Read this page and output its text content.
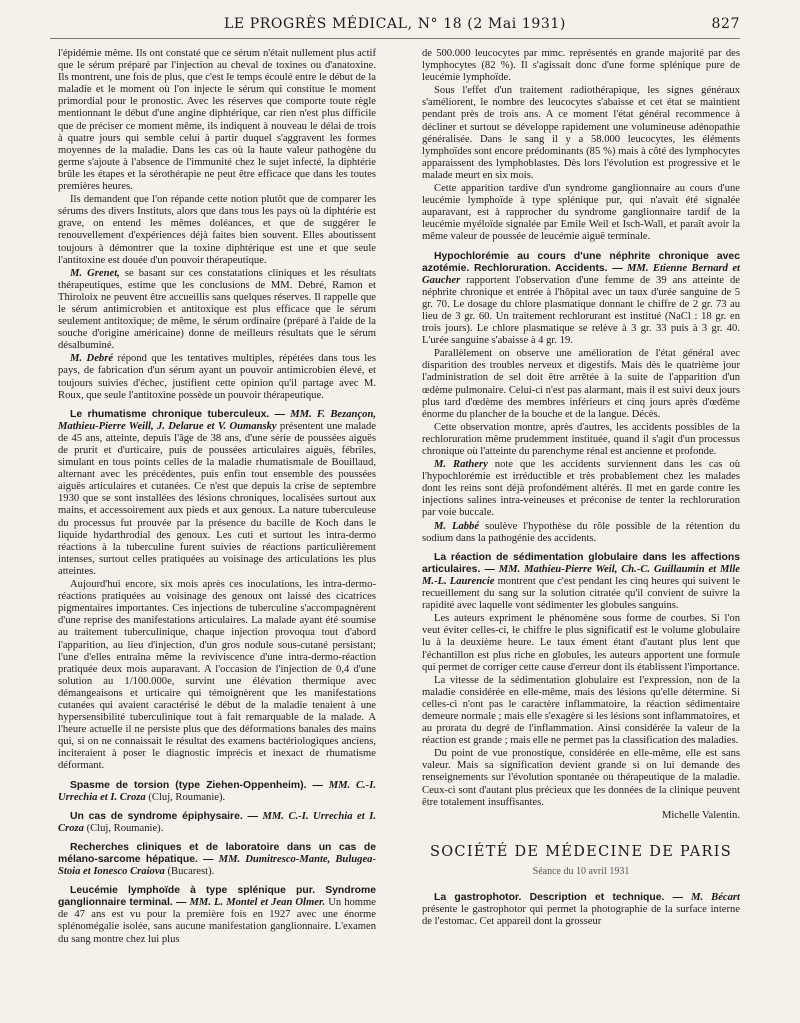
LE PROGRÈS MÉDICAL, N° 18 (2 Mai 1931)	827

l'épidémie même. Ils ont constaté que ce sérum n'était nullement plus actif que le sérum préparé par l'injection au cheval de toxines ou d'anatoxine. Ils montrent, une fois de plus, que c'est le temps écoulé entre le début de la maladie et le moment où l'on injecte le sérum qui constitue le moment primordial pour le pronostic. Avec les réserves que comporte toute règle mentionnant le début d'une angine diphtérique, car rien n'est plus difficile que de préciser ce moment même, ils indiquent à nouveau le délai de trois à quatre jours qui semble celui à partir duquel s'aggravent les formes moyennes de la maladie. Dans les cas où la haute valeur pathogène du germe s'ajoute à l'absence de l'immunité chez le sujet infecté, la diphtérie brûle les étapes et la sérothérapie ne peut être efficace que dans les toutes premières heures.

Ils demandent que l'on répande cette notion plutôt que de comparer les sérums des divers Instituts, alors que dans tous les pays où la diphtérie est grave, on entend les mêmes doléances, et que de suggérer le renouvellement d'expériences déjà faites bien souvent. Elles aboutissent toujours à démontrer que la toxine diphtérique est une et que seule l'antitoxine est douée d'un pouvoir thérapeutique.

M. Grenet, se basant sur ces constatations cliniques et les résultats thérapeutiques, estime que les conclusions de MM. Debré, Ramon et Thiroloix ne peuvent être accueillis sans quelques réserves. Il rappelle que le sérum antimicrobien et antitoxique est plus efficace que le sérum seulement antitoxique; de même, le sérum ordinaire (préparé à l'aide de la souche d'origine américaine) donne de meilleurs résultats que le sérum désalbuminé.

M. Debré répond que les tentatives multiples, répétées dans tous les pays, de fabrication d'un sérum ayant un pouvoir antimicrobien élevé, et toujours suivies d'échec, justifient cette opinion qu'il partage avec M. Roux, que seule l'antitoxine possède un pouvoir thérapeutique.

Le rhumatisme chronique tuberculeux. — MM. F. Bezançon, Mathieu-Pierre Weill, J. Delarue et V. Oumansky présentent une malade de 45 ans, atteinte, depuis l'âge de 38 ans, d'une série de poussées aiguës de prurit et d'urticaire, puis de poussées articulaires aiguës, fébriles, simulant en tous points celles de la maladie rhumatismale de Bouillaud, alternant avec les précédentes, puis enfin tout ensemble des poussées aiguës articulaires et cutanées. Ce n'est que depuis la crise de septembre 1930 que se sont installées des lésions chroniques, localisées surtout aux mains, et accessoirement aux pieds et aux genoux. La nature tuberculeuse du processus fut prouvée par la présence du bacille de Koch dans le liquide hydarthrodial des genoux. Les cuti et surtout les intra-dermo réactions à la tuberculine furent suivies de réactions particulièrement intenses, surtout celles pratiquées au voisinage des articulations les plus atteintes.

Aujourd'hui encore, six mois après ces inoculations, les intra-dermo-réactions pratiquées au voisinage des genoux ont laissé des cicatrices pigmentaires importantes. Ces injections de tuberculine s'accompagnèrent d'une reprise des manifestations articulaires. La malade ayant été soumise au traitement tuberculinique, chaque injection provoqua tout d'abord l'apparition, au lieu d'injection, d'un gros nodule sous-cutané persistant; l'une d'elles entraîna même la reviviscence d'une intra-dermo-réaction pratiquée deux mois auparavant. A l'occasion de l'injection de 0,4 d'une solution au 1/100.000e, survint une élévation thermique avec démangeaisons et urticaire qui témoignèrent que les manifestations cutanées qui avaient caractérisé le début de la maladie tenaient à une hypersensibilité tuberculinique tout à fait remarquable de la malade. A l'heure actuelle il ne persiste plus que des déformations banales des mains qui, si on ne connaissait le résultat des examens bactériologiques anciens, inciteraient à poser le diagnostic imprécis et inexact de rhumatisme déformant.

Spasme de torsion (type Ziehen-Oppenheim). — MM. C.-I. Urrechia et I. Croza (Cluj, Roumanie).

Un cas de syndrome épiphysaire. — MM. C.-I. Urrechia et I. Croza (Cluj, Roumanie).

Recherches cliniques et de laboratoire dans un cas de mélano-sarcome hépatique. — MM. Dumitresco-Mante, Bulugea-Stoia et Ionesco Craiova (Bucarest).

Leucémie lymphoïde à type splénique pur. Syndrome ganglionnaire terminal. — MM. L. Montel et Jean Olmer. Un homme de 47 ans est vu pour la première fois en 1927 avec une énorme splénomégalie isolée, sans aucune manifestation ganglionnaire. L'examen du sang montre chez lui plus

de 500.000 leucocytes par mmc. représentés en grande majorité par des lymphocytes (82 %). Il s'agissait donc d'une forme splénique pure de leucémie lymphoïde.

Sous l'effet d'un traitement radiothérapique, les signes généraux s'améliorent, le nombre des leucocytes s'abaisse et cet état se maintient pendant près de trois ans. A ce moment l'état général recommence à décliner et surtout se développe rapidement une volumineuse adénopathie généralisée. Dans le sang il y a 58.000 leucocytes, les éléments lymphoïdes sont encore prédominants (85 %) mais à côté des lymphocytes apparaissent des lymphoblastes. Dès lors l'évolution est progressive et le malade meurt en six mois.

Cette apparition tardive d'un syndrome ganglionnaire au cours d'une leucémie lymphoïde à type splénique pur, qui n'avait été signalée auparavant, est à rapprocher du syndrome ganglionnaire tardif de la leucémie myéloïde signalée par Emile Weil et Isch-Wall, et paraît avoir la même valeur de poussée de leucémie aiguë terminale.

Hypochlorémie au cours d'une néphrite chronique avec azotémie. Rechloruration. Accidents. — MM. Etienne Bernard et Gaucher rapportent l'observation d'une femme de 39 ans atteinte de néphrite chronique et entrée à l'hôpital avec un taux d'urée sanguine de 5 gr. 70. Le dosage du chlore plasmatique donnant le chiffre de 2 gr. 73 au lieu de 3 gr. 60. Un traitement rechlorurant est institué (NaCl : 18 gr. en trois jours). Le chlore plasmatique se relève à 3 gr. 33 puis à 3 gr. 40. L'urée sanguine s'abaisse à 4 gr. 19.

Parallèlement on observe une amélioration de l'état général avec disparition des troubles nerveux et digestifs. Mais dès le quatrième jour l'administration de sel doit être arrêtée à la suite de l'apparition d'un œdème pulmonaire. Celui-ci n'est pas alarmant, mais il est suivi deux jours plus tard d'œdème des membres inférieurs et cinq jours après d'œdème énorme du plancher de la bouche et de la langue. Décès.

Cette observation montre, après d'autres, les accidents possibles de la rechloruration même prudemment instituée, quand il s'agit d'un processus chronique où l'atteinte du parenchyme rénal est ancienne et profonde.

M. Rathery note que les accidents surviennent dans les cas où l'hypochlorémie est irréductible et très probablement chez les malades dont les reins sont déjà profondément altérés. Il met en garde contre les injections salines intra-veineuses et préconise de tenter la rechloruration par voie buccale.

M. Labbé soulève l'hypothèse du rôle possible de la rétention du sodium dans la pathogénie des accidents.

La réaction de sédimentation globulaire dans les affections articulaires. — MM. Mathieu-Pierre Weil, Ch.-C. Guillaumin et Mlle M.-L. Laurencie montrent que c'est pendant les cinq heures qui suivent le recueillement du sang sur la solution citratée qu'il convient de suivre la rapidité avec laquelle vont sédimenter les globules sanguins.

Les auteurs expriment le phénomène sous forme de courbes. Si l'on veut éviter celles-ci, le chiffre le plus significatif est le volume globulaire lu à la deuxième heure. Le taux ément étant d'autant plus lent que l'échantillon est plus riche en globules, les auteurs apportent une formule qui permet de corriger cette cause d'erreur dont ils établissent l'importance.

La vitesse de la sédimentation globulaire est l'expression, non de la maladie considérée en elle-même, mais des lésions qu'elle détermine. Si celles-ci n'ont pas le caractère inflammatoire, la réaction sédimentaire demeure normale ; mais elle s'exagère si les lésions sont inflammatoires, et au prorata du degré de l'inflammation. Ainsi considérée la valeur de la réaction est grande ; mais elle ne permet pas la classification des maladies.

Du point de vue pronostique, considérée en elle-même, elle est sans valeur. Mais sa signification devient grande si on lui demande des renseignements sur l'évolution spontanée ou thérapeutique de la maladie. Ceux-ci sont d'autant plus précieux que les données de la clinique peuvent être totalement insuffisantes.

Michelle Valentin.
SOCIÉTÉ DE MÉDECINE DE PARIS
Séance du 10 avril 1931

La gastrophotor. Description et technique. — M. Bécart présente le gastrophotor qui permet la photographie de la surface interne de l'estomac. Cet appareil dont la grosseur
